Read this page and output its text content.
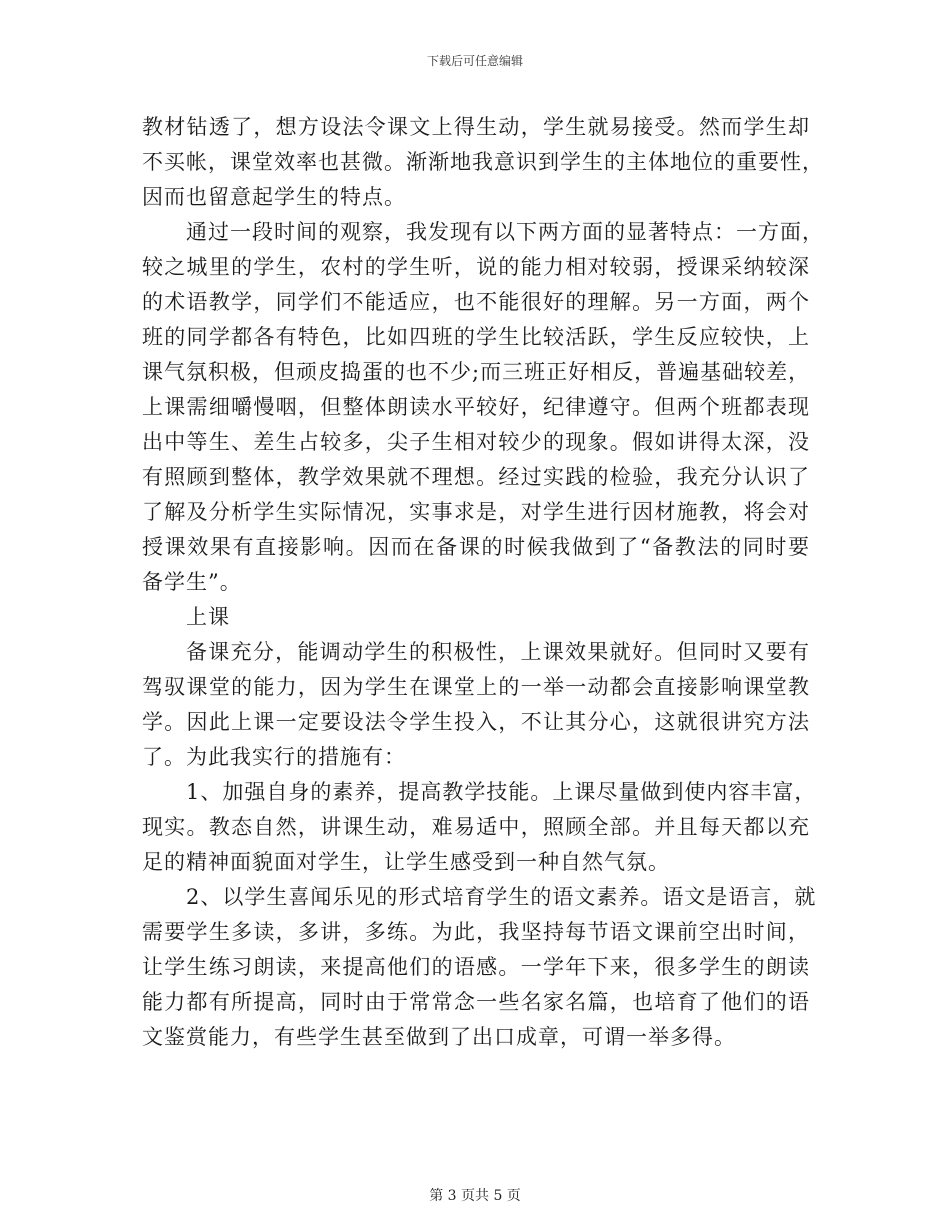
下载后可任意编辑
教材钻透了，想方设法令课文上得生动，学生就易接受。然而学生却
不买帐，课堂效率也甚微。渐渐地我意识到学生的主体地位的重要性，
因而也留意起学生的特点。
通过一段时间的观察，我发现有以下两方面的显著特点：一方面，
较之城里的学生，农村的学生听，说的能力相对较弱，授课采纳较深
的术语教学，同学们不能适应，也不能很好的理解。另一方面，两个
班的同学都各有特色，比如四班的学生比较活跃，学生反应较快，上
课气氛积极，但顽皮捣蛋的也不少;而三班正好相反，普遍基础较差，
上课需细嚼慢咽，但整体朗读水平较好，纪律遵守。但两个班都表现
出中等生、差生占较多，尖子生相对较少的现象。假如讲得太深，没
有照顾到整体，教学效果就不理想。经过实践的检验，我充分认识了
了解及分析学生实际情况，实事求是，对学生进行因材施教，将会对
授课效果有直接影响。因而在备课的时候我做到了“备教法的同时要
备学生”。
上课
备课充分，能调动学生的积极性，上课效果就好。但同时又要有
驾驭课堂的能力，因为学生在课堂上的一举一动都会直接影响课堂教
学。因此上课一定要设法令学生投入，不让其分心，这就很讲究方法
了。为此我实行的措施有：
1、加强自身的素养，提高教学技能。上课尽量做到使内容丰富，
现实。教态自然，讲课生动，难易适中，照顾全部。并且每天都以充
足的精神面貌面对学生，让学生感受到一种自然气氛。
2、以学生喜闻乐见的形式培育学生的语文素养。语文是语言，就
需要学生多读，多讲，多练。为此，我坚持每节语文课前空出时间，
让学生练习朗读，来提高他们的语感。一学年下来，很多学生的朗读
能力都有所提高，同时由于常常念一些名家名篇，也培育了他们的语
文鉴赏能力，有些学生甚至做到了出口成章，可谓一举多得。
第 3 页共 5 页
